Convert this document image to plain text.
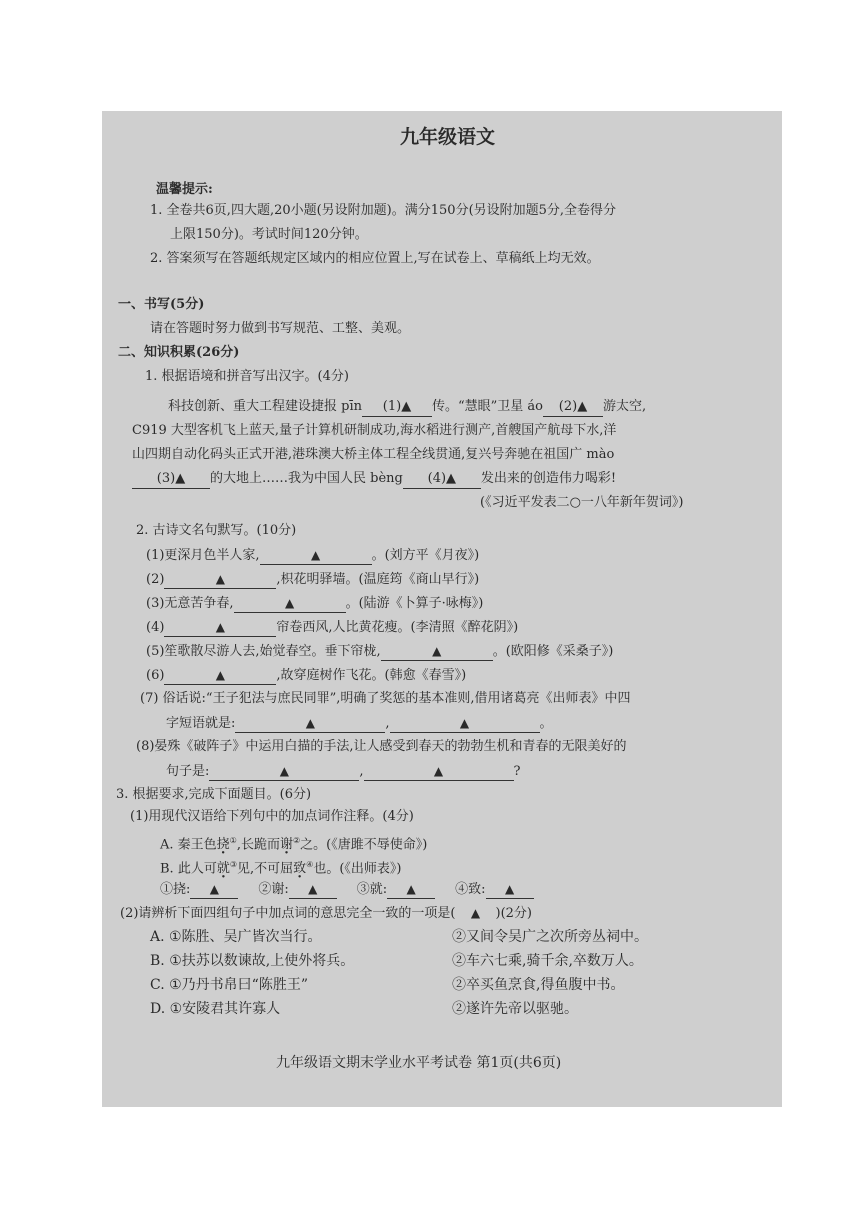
九年级语文
温馨提示:
1. 全卷共6页,四大题,20小题(另设附加题)。满分150分(另设附加题5分,全卷得分
上限150分)。考试时间120分钟。
2. 答案须写在答题纸规定区域内的相应位置上,写在试卷上、草稿纸上均无效。
一、书写(5分)
请在答题时努力做到书写规范、工整、美观。
二、知识积累(26分)
1. 根据语境和拼音写出汉字。(4分)
科技创新、重大工程建设捷报 pīn (1)▲ 传。“慧眼”卫星 áo (2)▲ 游太空,
C919 大型客机飞上蓝天,量子计算机研制成功,海水稻进行测产,首艘国产航母下水,洋
山四期自动化码头正式开港,港珠澳大桥主体工程全线贯通,复兴号奔驰在祖国广 mào
(3)▲ 的大地上……我为中国人民 bèng (4)▲ 发出来的创造伟力喝彩!
(《习近平发表二○一八年新年贺词》)
2. 古诗文名句默写。(10分)
(1)更深月色半人家,	▲	。(刘方平《月夜》)
(2)	▲	,枳花明驿墙。(温庭筠《商山早行》)
(3)无意苦争春,	▲	。(陆游《卜算子·咏梅》)
(4)	▲	帘卷西风,人比黄花瘦。(李清照《醉花阴》)
(5)笙歌散尽游人去,始觉春空。垂下帘栊,	▲	。(欧阳修《采桑子》)
(6)	▲	,故穿庭树作飞花。(韩愈《春雪》)
(7) 俗话说:“王子犯法与庶民同罪”,明确了奖惩的基本准则,借用诸葛亮《出师表》中四
字短语就是:	▲	,	▲	。
(8)晏殊《破阵子》中运用白描的手法,让人感受到春天的勃勃生机和青春的无限美好的
句子是:	▲	,	▲	?
3. 根据要求,完成下面题目。(6分)
(1)用现代汉语给下列句中的加点词作注释。(4分)
A. 秦王色挠①,长跪而谢②之。(《唐雎不辱使命》)
B. 此人可就③见,不可屈致④也。(《出师表》)
①挠: ▲	②谢: ▲	③就: ▲	④致: ▲
(2)请辨析下面四组句子中加点词的意思完全一致的一项是( ▲ )(2分)
A. ①陈胜、吴广皆次当行。	②又间令吴广之次所旁丛祠中。
B. ①扶苏以数谏故,上使外将兵。	②车六七乘,骑千余,卒数万人。
C. ①乃丹书帛曰“陈胜王”	②卒买鱼烹食,得鱼腹中书。
D. ①安陵君其许寡人	②遂许先帝以驱驰。
九年级语文期末学业水平考试卷 第1页(共6页)
